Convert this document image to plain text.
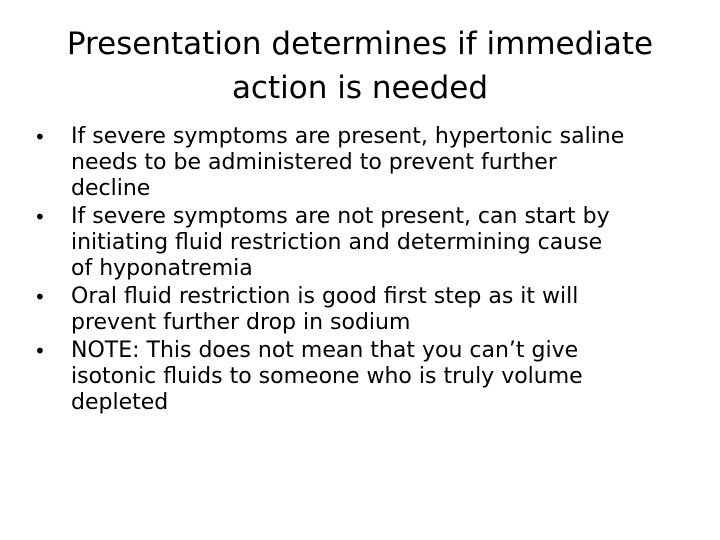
Presentation determines if immediate action is needed
•	If severe symptoms are present, hypertonic saline
needs to be administered to prevent further
decline
•	If severe symptoms are not present, can start by
initiating fluid restriction and determining cause
of hyponatremia
•	Oral fluid restriction is good first step as it will
prevent further drop in sodium
•	NOTE: This does not mean that you can’t give
isotonic fluids to someone who is truly volume
depleted
